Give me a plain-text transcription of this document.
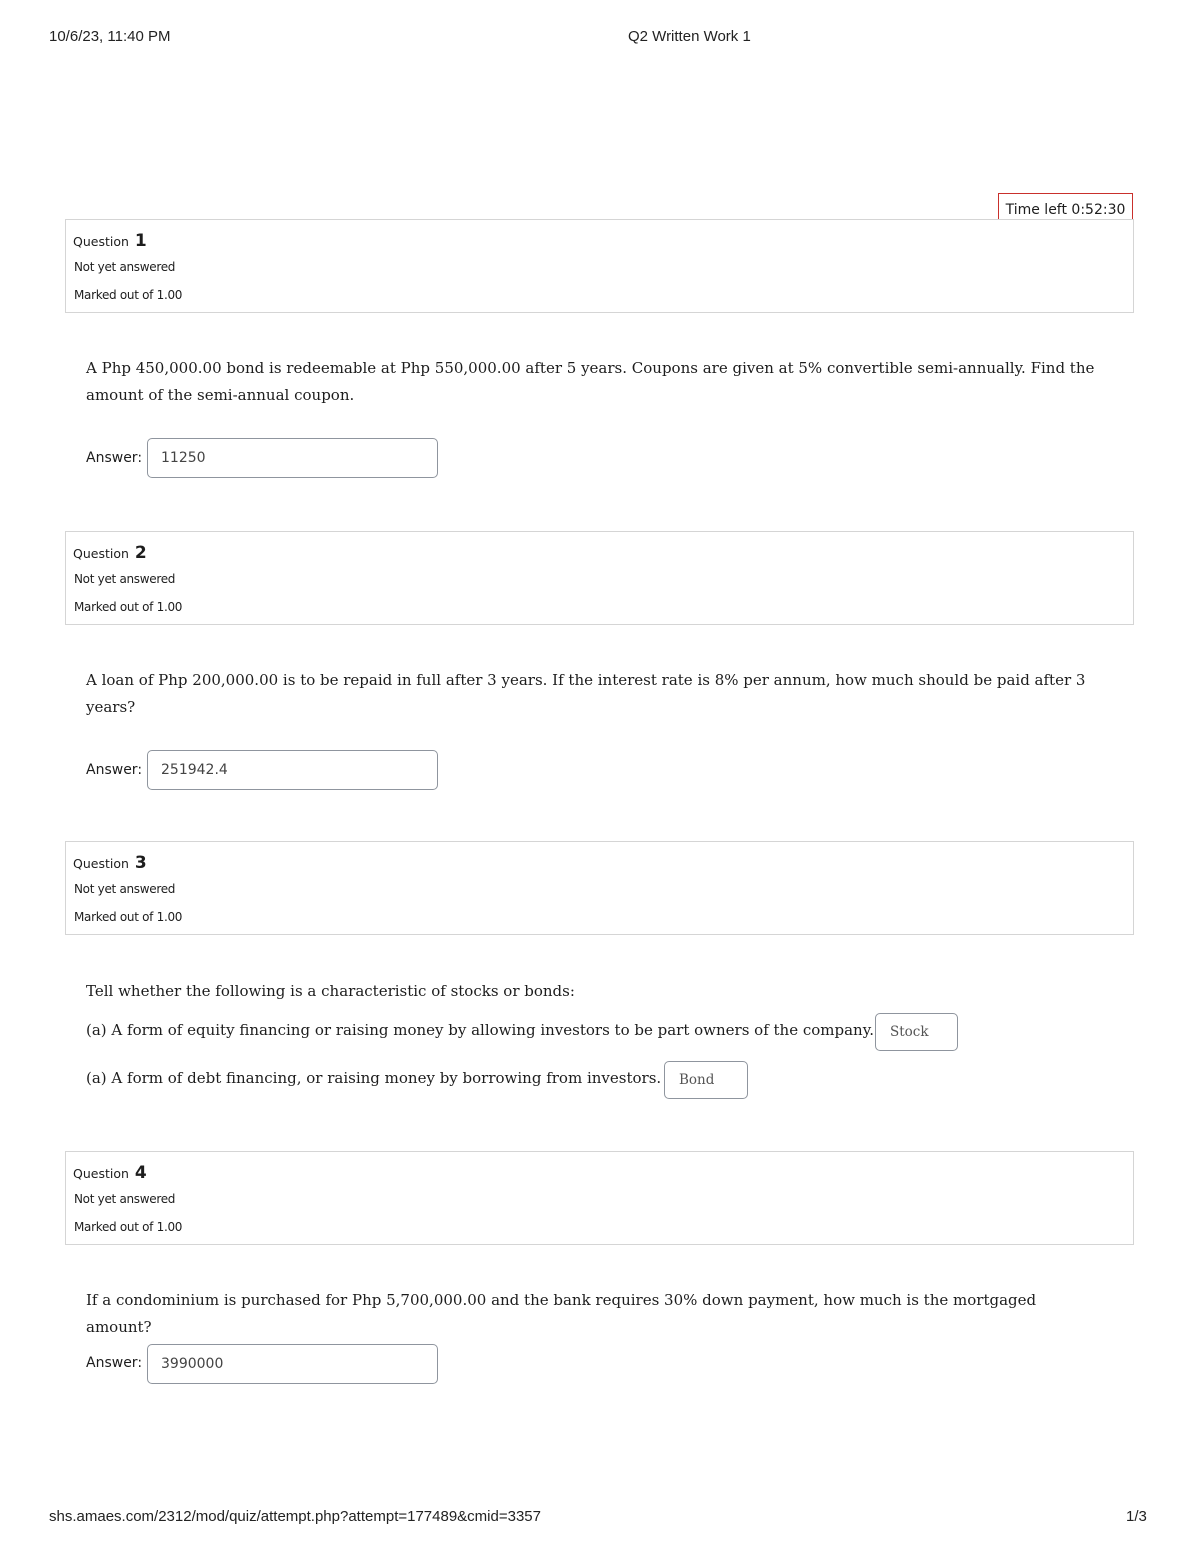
10/6/23, 11:40 PM	Q2 Written Work 1
Time left 0:52:30
Question 1
Not yet answered
Marked out of 1.00
A Php 450,000.00 bond is redeemable at Php 550,000.00 after 5 years. Coupons are given at 5% convertible semi-annually. Find the amount of the semi-annual coupon.
Answer: 11250
Question 2
Not yet answered
Marked out of 1.00
A loan of Php 200,000.00 is to be repaid in full after 3 years. If the interest rate is 8% per annum, how much should be paid after 3 years?
Answer: 251942.4
Question 3
Not yet answered
Marked out of 1.00
Tell whether the following is a characteristic of stocks or bonds:
(a) A form of equity financing or raising money by allowing investors to be part owners of the company. Stock
(a) A form of debt financing, or raising money by borrowing from investors. Bond
Question 4
Not yet answered
Marked out of 1.00
If a condominium is purchased for Php 5,700,000.00 and the bank requires 30% down payment, how much is the mortgaged amount?
Answer: 3990000
shs.amaes.com/2312/mod/quiz/attempt.php?attempt=177489&cmid=3357	1/3
